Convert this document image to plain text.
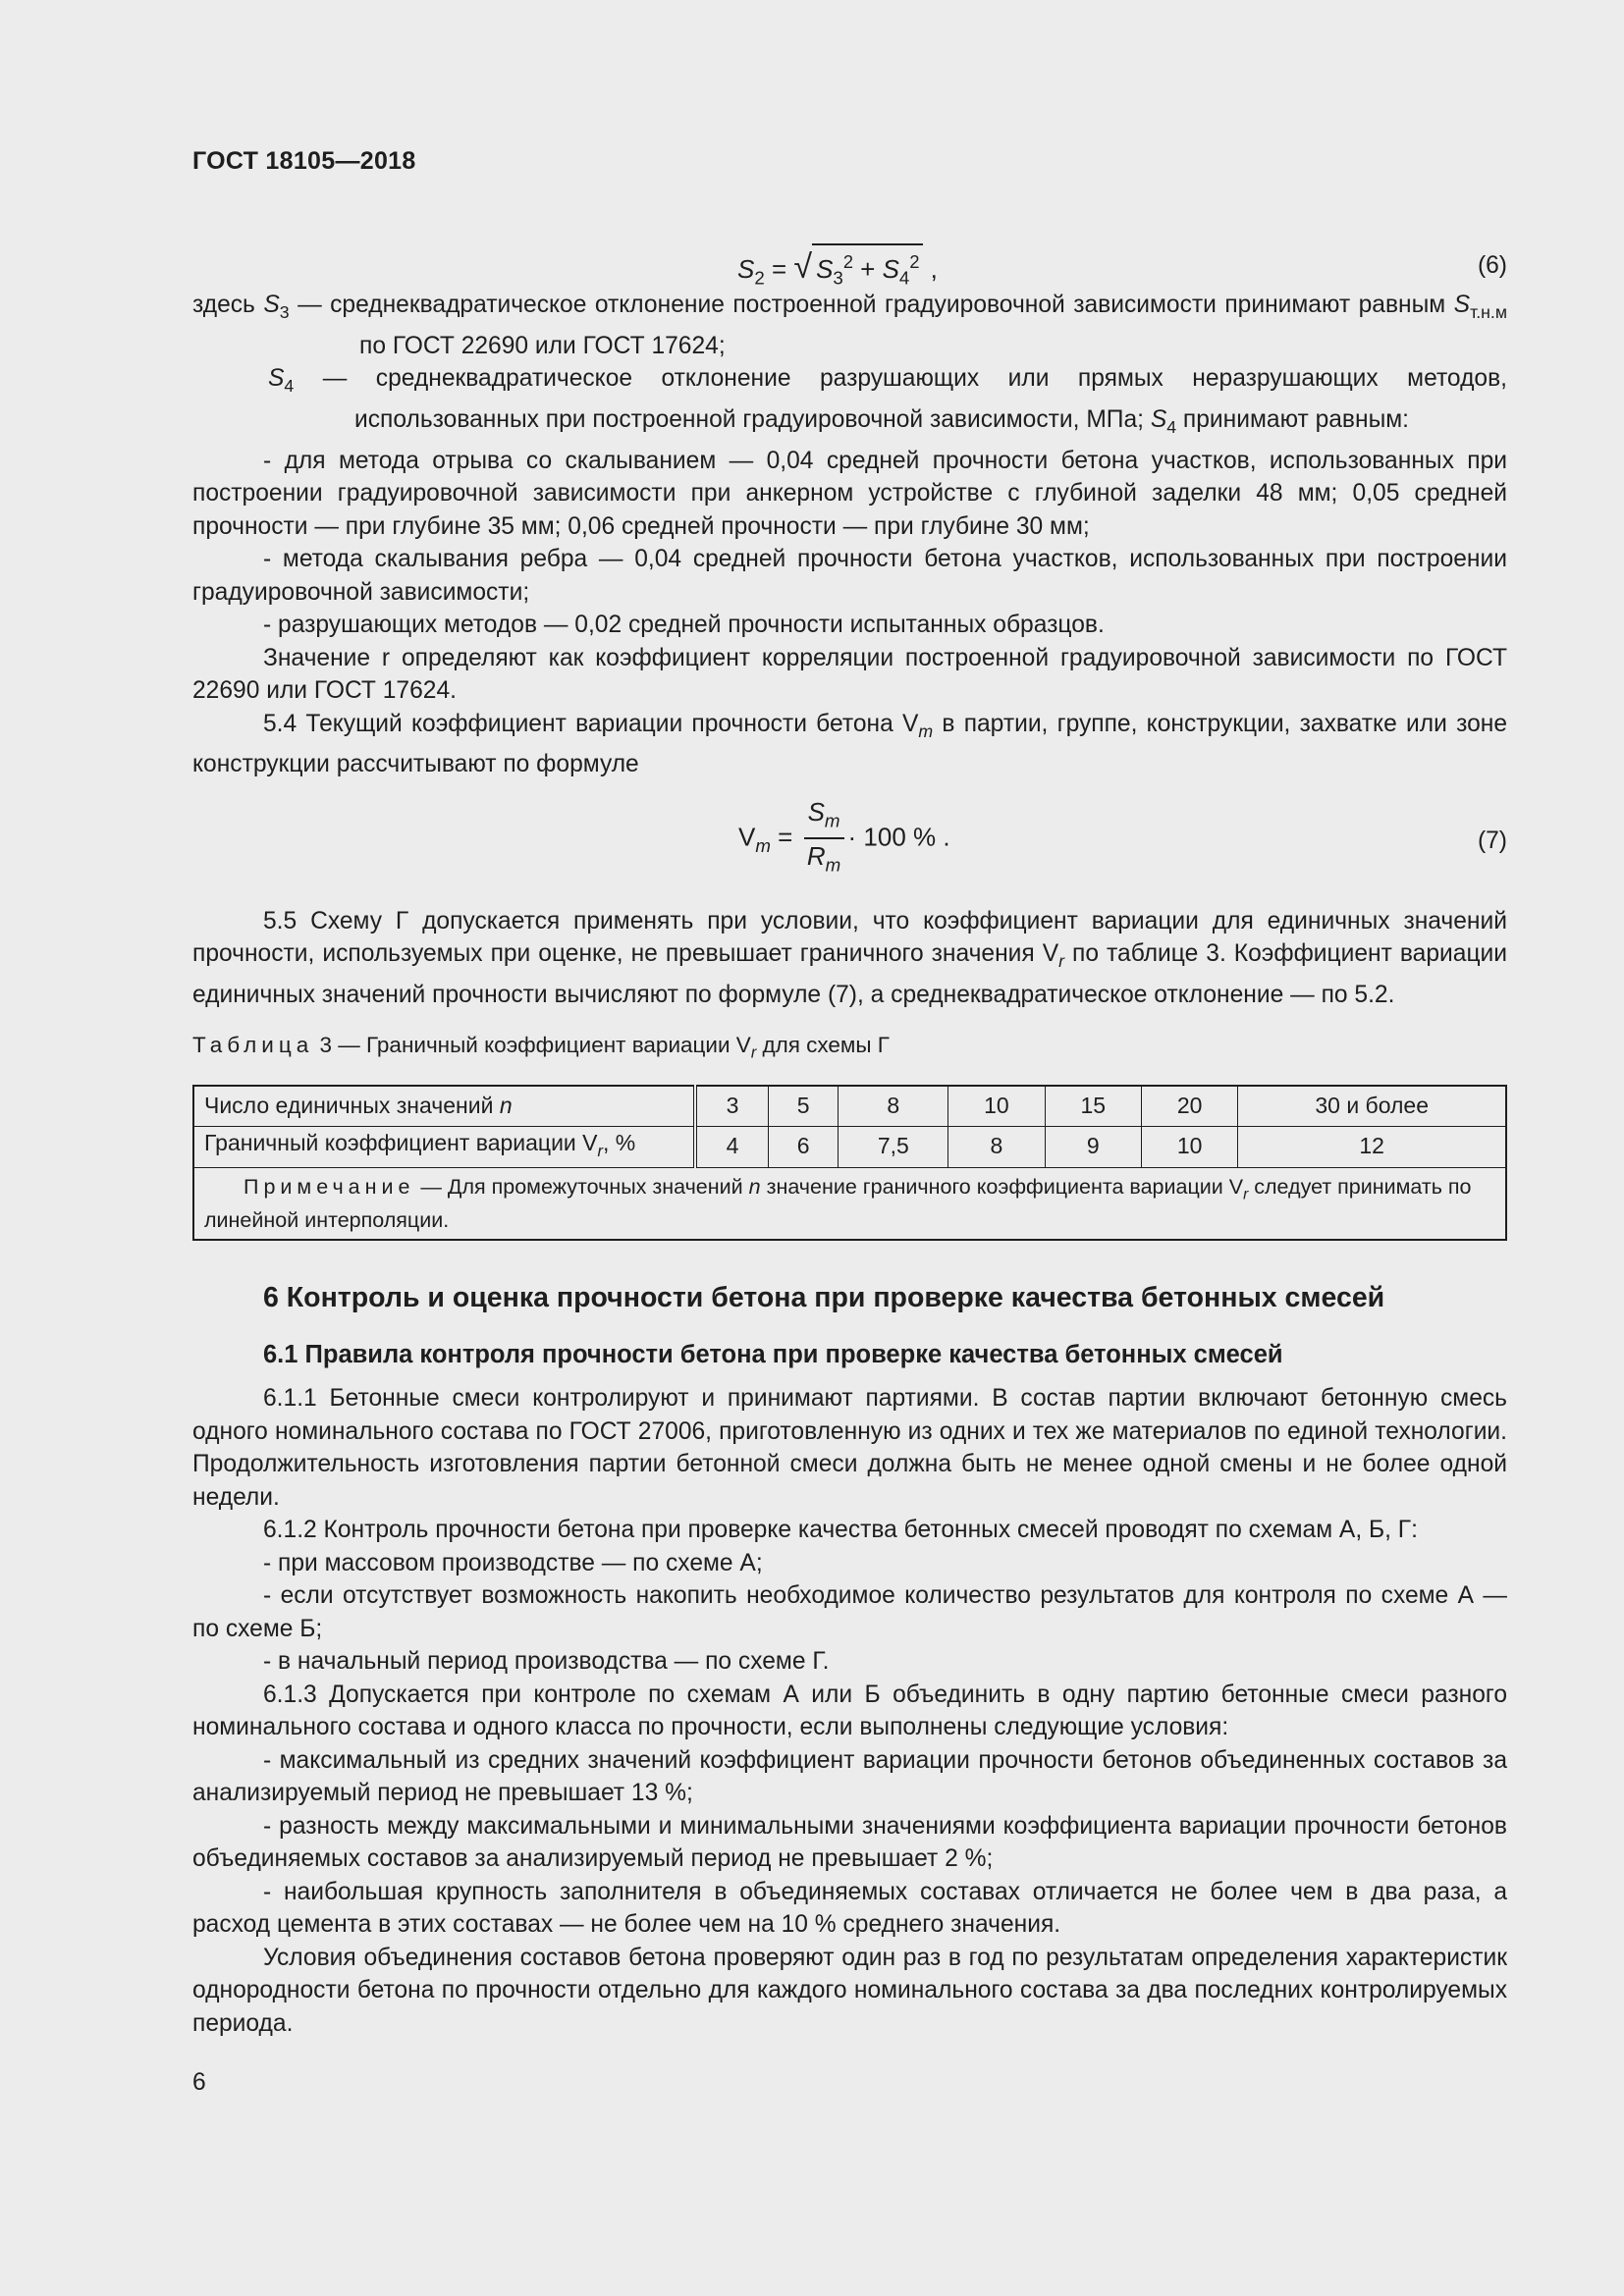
ГОСТ 18105—2018
$S_2$ = √ $S_3^2 + S_4^2$ ,	(6)

здесь $S_3$ — среднеквадратическое отклонение построенной градуировочной зависимости принимают равным $S_{т.н.м}$ по ГОСТ 22690 или ГОСТ 17624;

$S_4$ — среднеквадратическое отклонение разрушающих или прямых неразрушающих методов, использованных при построенной градуировочной зависимости, МПа; $S_4$ принимают равным:

- для метода отрыва со скалыванием — 0,04 средней прочности бетона участков, использованных при построении градуировочной зависимости при анкерном устройстве с глубиной заделки 48 мм; 0,05 средней прочности — при глубине 35 мм; 0,06 средней прочности — при глубине 30 мм;

- метода скалывания ребра — 0,04 средней прочности бетона участков, использованных при построении градуировочной зависимости;

- разрушающих методов — 0,02 средней прочности испытанных образцов.

Значение r определяют как коэффициент корреляции построенной градуировочной зависимости по ГОСТ 22690 или ГОСТ 17624.

5.4 Текущий коэффициент вариации прочности бетона $V_m$ в партии, группе, конструкции, захватке или зоне конструкции рассчитывают по формуле

$V_m = \frac{S_m}{R_m} \cdot 100$ % .	(7)

5.5 Схему Г допускается применять при условии, что коэффициент вариации для единичных значений прочности, используемых при оценке, не превышает граничного значения $V_r$ по таблице 3. Коэффициент вариации единичных значений прочности вычисляют по формуле (7), а среднеквадратическое отклонение — по 5.2.

Таблица 3 — Граничный коэффициент вариации $V_r$ для схемы Г
Число единичных значений n	3	5	8	10	15	20	30 и более
Граничный коэффициент вариации $V_r$, %	4	6	7,5	8	9	10	12
Примечание — Для промежуточных значений n значение граничного коэффициента вариации $V_r$ следует принимать по линейной интерполяции.							
6 Контроль и оценка прочности бетона при проверке качества бетонных смесей
6.1 Правила контроля прочности бетона при проверке качества бетонных смесей

6.1.1 Бетонные смеси контролируют и принимают партиями. В состав партии включают бетонную смесь одного номинального состава по ГОСТ 27006, приготовленную из одних и тех же материалов по единой технологии. Продолжительность изготовления партии бетонной смеси должна быть не менее одной смены и не более одной недели.

6.1.2 Контроль прочности бетона при проверке качества бетонных смесей проводят по схемам А, Б, Г:

- при массовом производстве — по схеме А;

- если отсутствует возможность накопить необходимое количество результатов для контроля по схеме А — по схеме Б;

- в начальный период производства — по схеме Г.

6.1.3 Допускается при контроле по схемам А или Б объединить в одну партию бетонные смеси разного номинального состава и одного класса по прочности, если выполнены следующие условия:

- максимальный из средних значений коэффициент вариации прочности бетонов объединенных составов за анализируемый период не превышает 13 %;

- разность между максимальными и минимальными значениями коэффициента вариации прочности бетонов объединяемых составов за анализируемый период не превышает 2 %;

- наибольшая крупность заполнителя в объединяемых составах отличается не более чем в два раза, а расход цемента в этих составах — не более чем на 10 % среднего значения.

Условия объединения составов бетона проверяют один раз в год по результатам определения характеристик однородности бетона по прочности отдельно для каждого номинального состава за два последних контролируемых периода.

6
